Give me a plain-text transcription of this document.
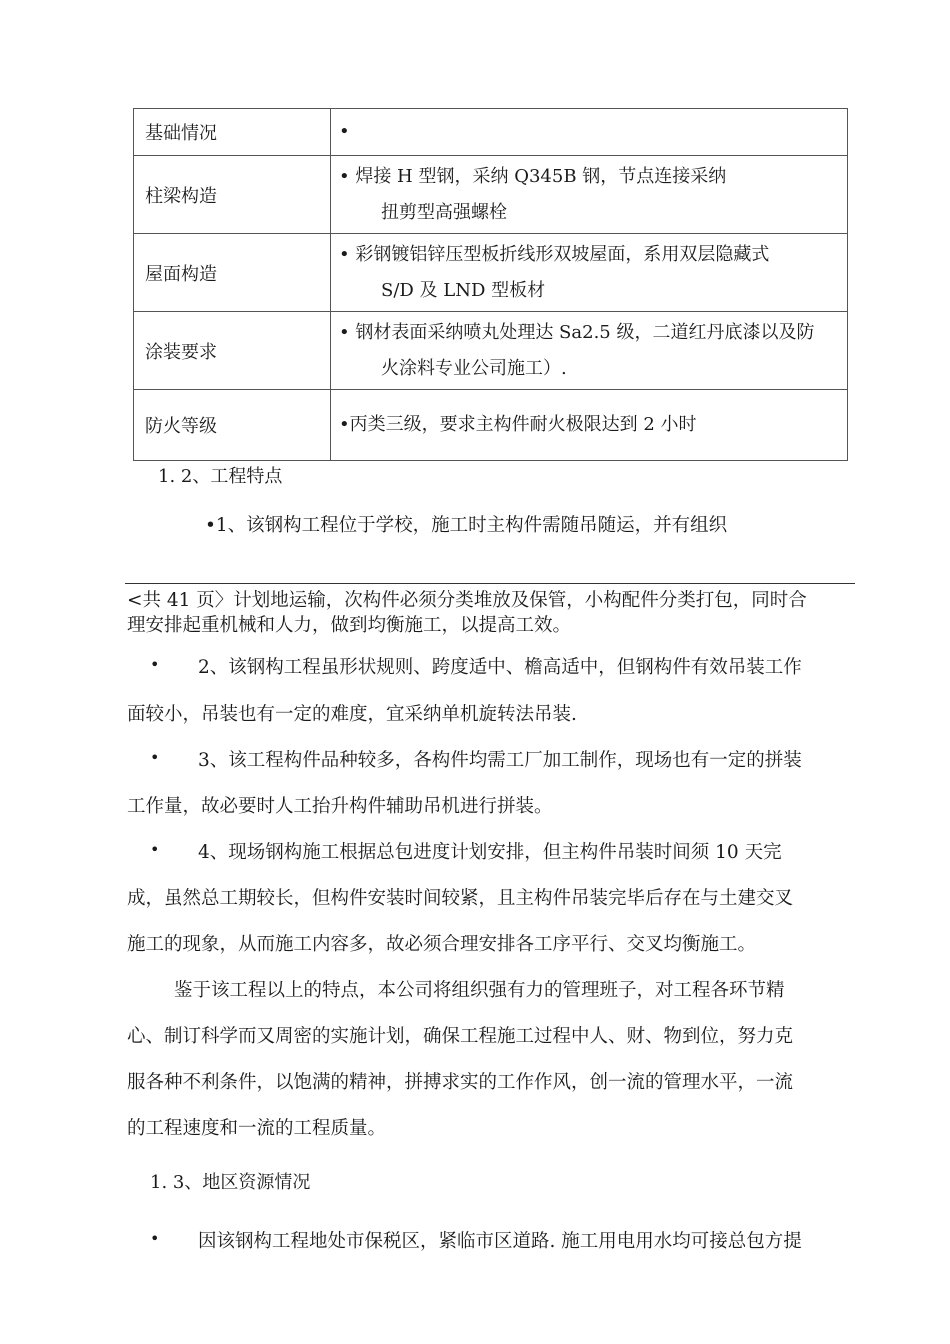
基础情况	•

柱梁构造	• 焊接 H 型钢，采纳 Q345B 钢，节点连接采纳
扭剪型高强螺栓

屋面构造	• 彩钢镀铝锌压型板折线形双坡屋面，系用双层隐藏式
S/D 及 LND 型板材

涂装要求	• 钢材表面采纳喷丸处理达 Sa2.5 级，二道红丹底漆以及防
火涂料专业公司施工）.

防火等级	•丙类三级，要求主构件耐火极限达到 2 小时
1. 2、工程特点
•1、该钢构工程位于学校，施工时主构件需随吊随运，并有组织
<共 41 页〉计划地运输，次构件必须分类堆放及保管，小构配件分类打包，同时合
理安排起重机械和人力，做到均衡施工，以提高工效。
• 2、该钢构工程虽形状规则、跨度适中、檐高适中，但钢构件有效吊装工作
面较小，吊装也有一定的难度，宜采纳单机旋转法吊装.
• 3、该工程构件品种较多，各构件均需工厂加工制作，现场也有一定的拼装
工作量，故必要时人工抬升构件辅助吊机进行拼装。
• 4、现场钢构施工根据总包进度计划安排，但主构件吊装时间须 10 天完
成，虽然总工期较长，但构件安装时间较紧，且主构件吊装完毕后存在与土建交叉
施工的现象，从而施工内容多，故必须合理安排各工序平行、交叉均衡施工。
鉴于该工程以上的特点，本公司将组织强有力的管理班子，对工程各环节精
心、制订科学而又周密的实施计划，确保工程施工过程中人、财、物到位，努力克
服各种不利条件，以饱满的精神，拼搏求实的工作作风，创一流的管理水平，一流
的工程速度和一流的工程质量。
1. 3、地区资源情况
• 因该钢构工程地处市保税区，紧临市区道路. 施工用电用水均可接总包方提
